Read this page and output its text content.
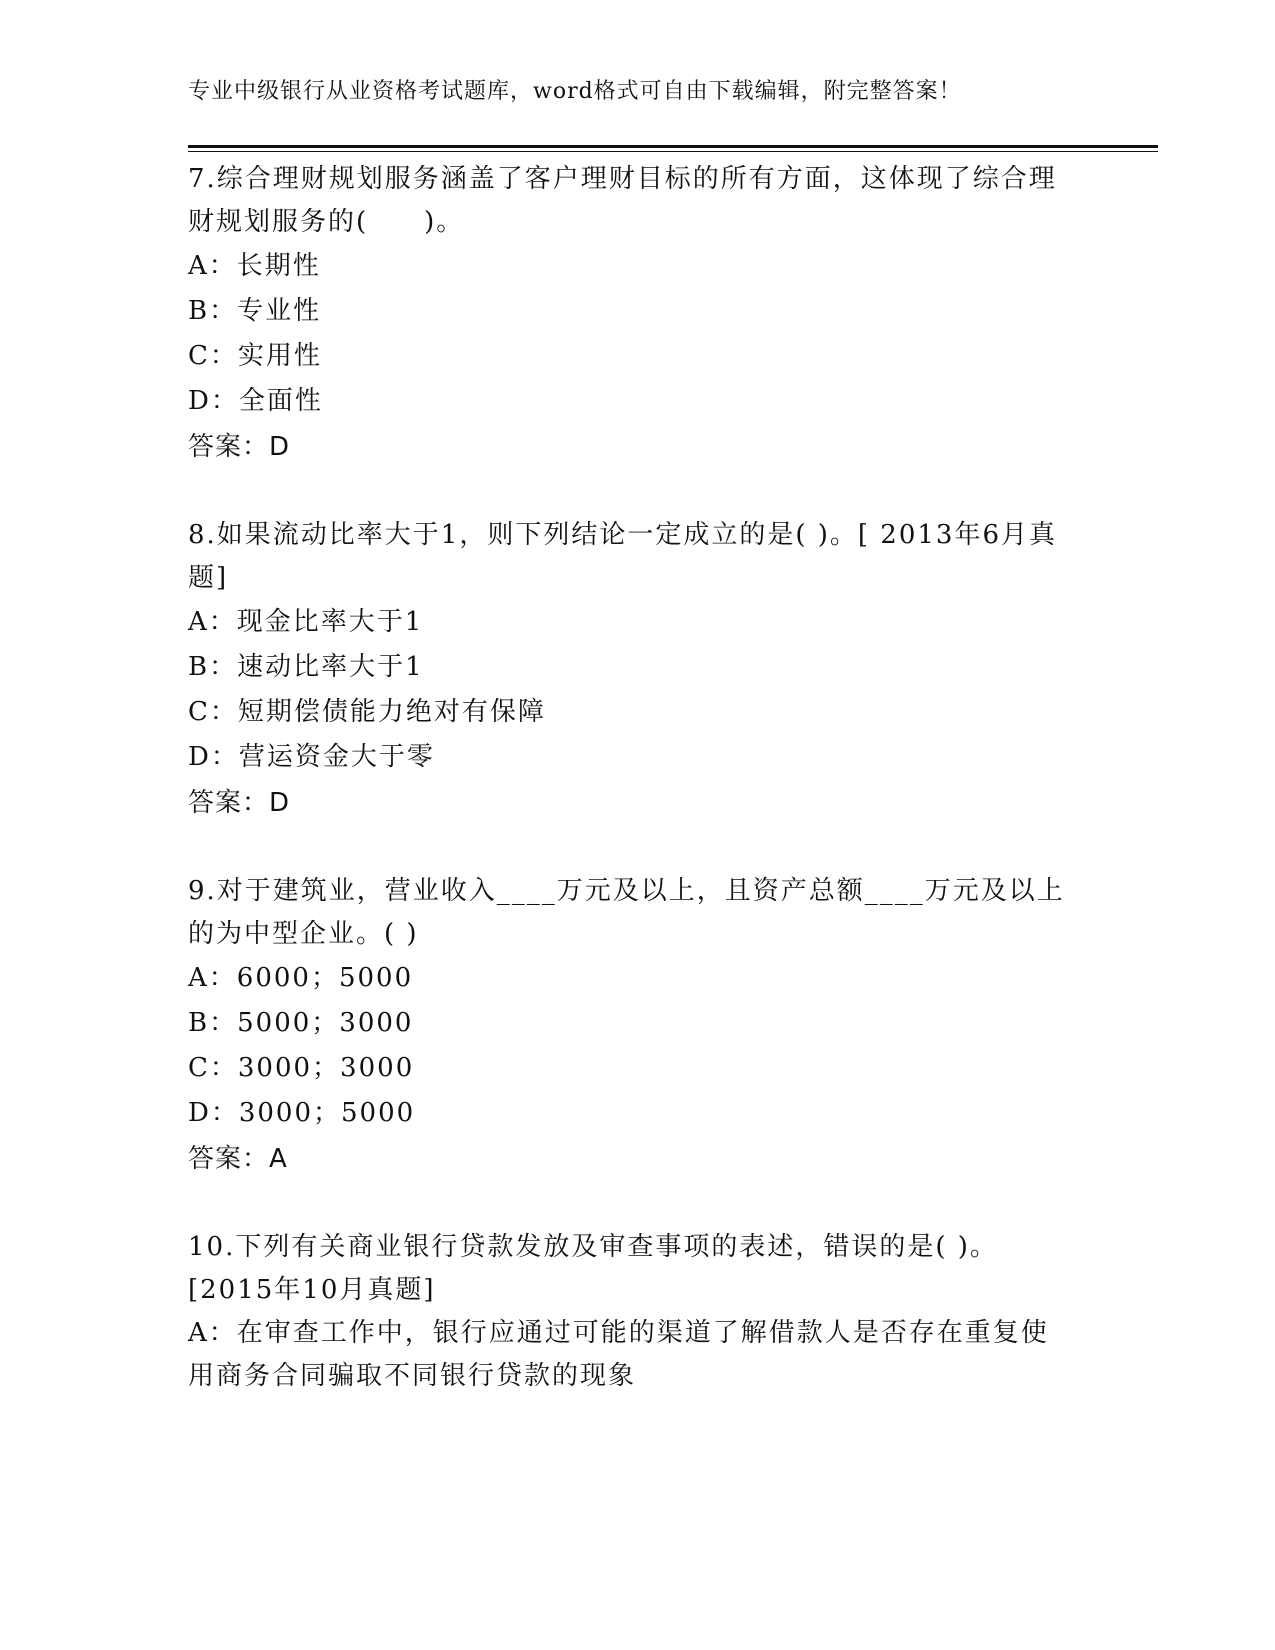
专业中级银行从业资格考试题库，word格式可自由下载编辑，附完整答案！

7.综合理财规划服务涵盖了客户理财目标的所有方面，这体现了综合理财规划服务的(　　)。

A：长期性

B：专业性

C：实用性

D：全面性

答案：D

8.如果流动比率大于1，则下列结论一定成立的是( )。[ 2013年6月真题]

A：现金比率大于1

B：速动比率大于1

C：短期偿债能力绝对有保障

D：营运资金大于零

答案：D

9.对于建筑业，营业收入____万元及以上，且资产总额____万元及以上的为中型企业。( )

A：6000；5000

B：5000；3000

C：3000；3000

D：3000；5000

答案：A

10.下列有关商业银行贷款发放及审查事项的表述，错误的是( )。[2015年10月真题]

A：在审查工作中，银行应通过可能的渠道了解借款人是否存在重复使用商务合同骗取不同银行贷款的现象
